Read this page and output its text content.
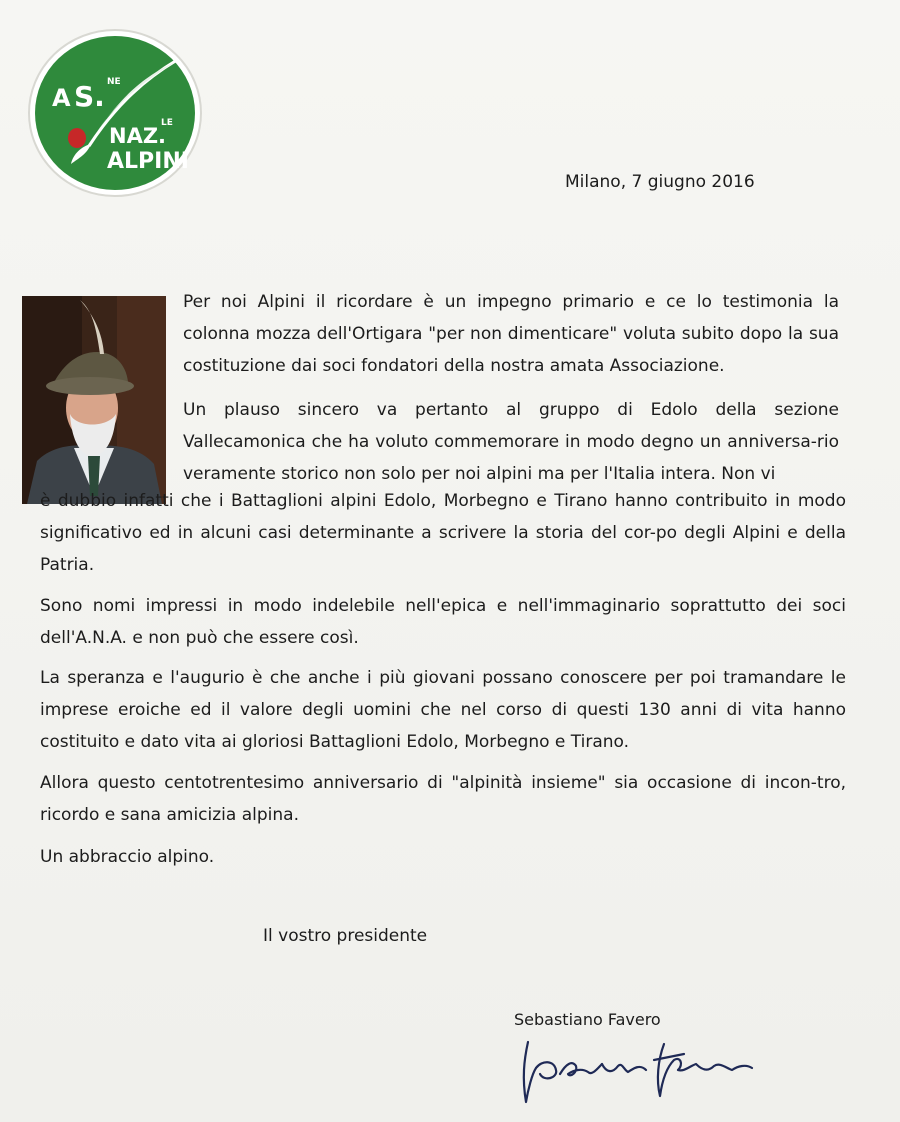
A S. NE
NAZ.
LE
ALPINI
Milano, 7 giugno 2016

Per noi Alpini il ricordare è un impegno primario e ce lo testimonia la colonna mozza dell'Ortigara "per non dimenticare" voluta subito dopo la sua costituzione dai soci fondatori della nostra amata Associazione.

Un plauso sincero va pertanto al gruppo di Edolo della sezione Vallecamonica che ha voluto commemorare in modo degno un anniversa-rio veramente storico non solo per noi alpini ma per l'Italia intera. Non vi

è dubbio infatti che i Battaglioni alpini Edolo, Morbegno e Tirano hanno contribuito in modo significativo ed in alcuni casi determinante a scrivere la storia del cor-po degli Alpini e della Patria.

Sono nomi impressi in modo indelebile nell'epica e nell'immaginario soprattutto dei soci dell'A.N.A. e non può che essere così.

La speranza e l'augurio è che anche i più giovani possano conoscere per poi tramandare le imprese eroiche ed il valore degli uomini che nel corso di questi 130 anni di vita hanno costituito e dato vita ai gloriosi Battaglioni Edolo, Morbegno e Tirano.

Allora questo centotrentesimo anniversario di "alpinità insieme" sia occasione di incon-tro, ricordo e sana amicizia alpina.

Un abbraccio alpino.

Il vostro presidente
Sebastiano Favero
